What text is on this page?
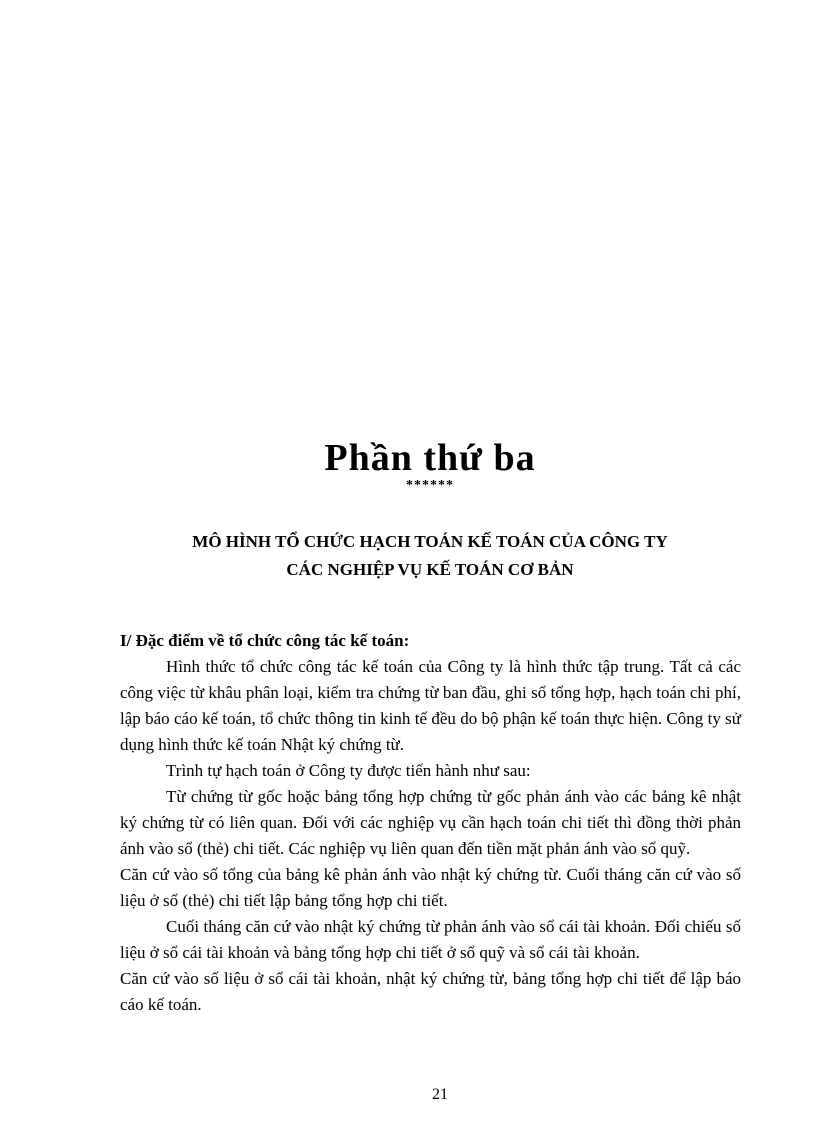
Phần thứ ba
******
MÔ HÌNH TỔ CHỨC HẠCH TOÁN KẾ TOÁN CỦA CÔNG TY
CÁC NGHIỆP VỤ KẾ TOÁN CƠ BẢN

I/ Đặc điểm về tổ chức công tác kế toán:

Hình thức tổ chức công tác kế toán của Công ty là hình thức tập trung. Tất cả các công việc từ khâu phân loại, kiểm tra chứng từ ban đầu, ghi sổ tổng hợp, hạch toán chi phí, lập báo cáo kế toán, tổ chức thông tin kinh tế đều do bộ phận kế toán thực hiện. Công ty sử dụng hình thức kế toán Nhật ký chứng từ.

Trình tự hạch toán ở Công ty được tiến hành như sau:

Từ chứng từ gốc hoặc bảng tổng hợp chứng từ gốc phản ánh vào các bảng kê nhật ký chứng từ có liên quan. Đối với các nghiệp vụ cần hạch toán chi tiết thì đồng thời phản ánh vào sổ (thẻ) chi tiết. Các nghiệp vụ liên quan đến tiền mặt phản ánh vào sổ quỹ.

Căn cứ vào số tổng của bảng kê phản ánh vào nhật ký chứng từ. Cuối tháng căn cứ vào số liệu ở sổ (thẻ) chi tiết lập bảng tổng hợp chi tiết.

Cuối tháng căn cứ vào nhật ký chứng từ phản ánh vào sổ cái tài khoản. Đối chiếu số liệu ở sổ cái tài khoản và bảng tổng hợp chi tiết ở sổ quỹ và sổ cái tài khoản.

Căn cứ vào số liệu ở sổ cái tài khoản, nhật ký chứng từ, bảng tổng hợp chi tiết để lập báo cáo kế toán.

21
